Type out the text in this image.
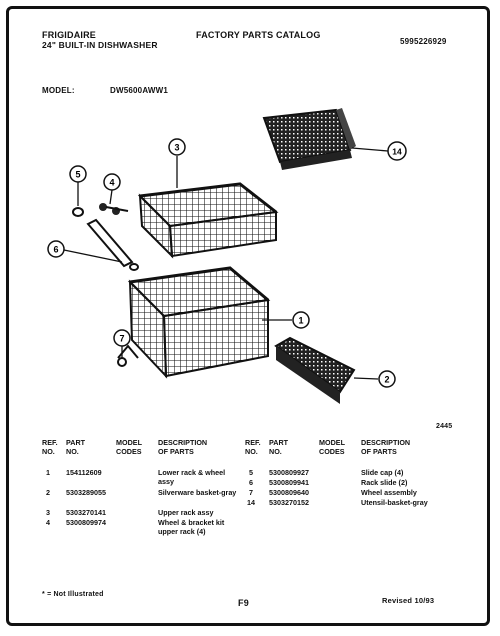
FRIGIDAIRE
24" BUILT-IN DISHWASHER
FACTORY PARTS CATALOG
5995226929
MODEL:	DW5600AWW1
3	14
5
4
6
1
7
2
2445
REF.
NO.
PART
NO.
MODEL
CODES
DESCRIPTION
OF PARTS
1	154112609	Lower rack & wheel assy
2	5303289055	Silverware basket-gray
3	5303270141	Upper rack assy
4	5300809974	Wheel & bracket kit upper rack (4)
REF.
NO.
PART
NO.
MODEL
CODES
DESCRIPTION
OF PARTS
5	5300809927	Slide cap (4)
6	5300809941	Rack slide (2)
7	5300809640	Wheel assembly
14 5303270152	Utensil-basket-gray
* = Not Illustrated
F9	Revised 10/93
